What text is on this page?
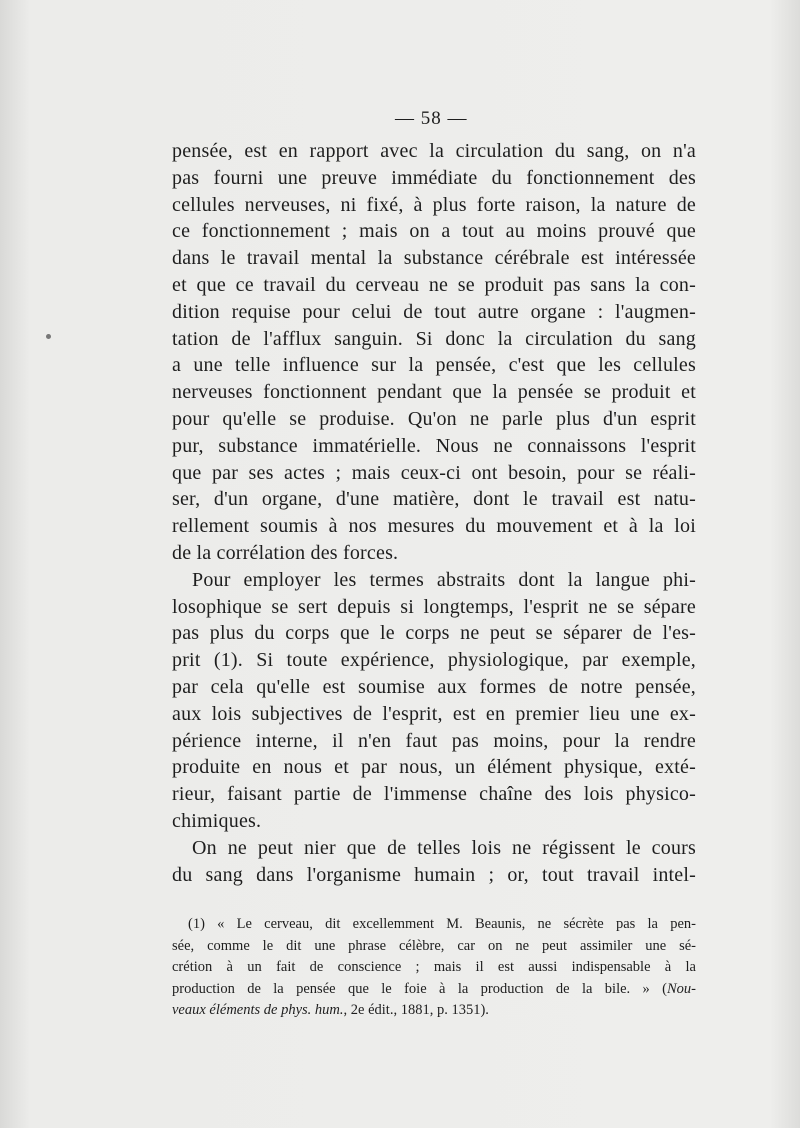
— 58 —
pensée, est en rapport avec la circulation du sang, on n'a
pas fourni une preuve immédiate du fonctionnement des
cellules nerveuses, ni fixé, à plus forte raison, la nature de
ce fonctionnement ; mais on a tout au moins prouvé que
dans le travail mental la substance cérébrale est intéressée
et que ce travail du cerveau ne se produit pas sans la con-
dition requise pour celui de tout autre organe : l'augmen-
tation de l'afflux sanguin. Si donc la circulation du sang
a une telle influence sur la pensée, c'est que les cellules
nerveuses fonctionnent pendant que la pensée se produit et
pour qu'elle se produise. Qu'on ne parle plus d'un esprit
pur, substance immatérielle. Nous ne connaissons l'esprit
que par ses actes ; mais ceux-ci ont besoin, pour se réali-
ser, d'un organe, d'une matière, dont le travail est natu-
rellement soumis à nos mesures du mouvement et à la loi
de la corrélation des forces.
Pour employer les termes abstraits dont la langue phi-
losophique se sert depuis si longtemps, l'esprit ne se sépare
pas plus du corps que le corps ne peut se séparer de l'es-
prit (1). Si toute expérience, physiologique, par exemple,
par cela qu'elle est soumise aux formes de notre pensée,
aux lois subjectives de l'esprit, est en premier lieu une ex-
périence interne, il n'en faut pas moins, pour la rendre
produite en nous et par nous, un élément physique, exté-
rieur, faisant partie de l'immense chaîne des lois physico-
chimiques.
On ne peut nier que de telles lois ne régissent le cours
du sang dans l'organisme humain ; or, tout travail intel-
(1) « Le cerveau, dit excellemment M. Beaunis, ne sécrète pas la pen-
sée, comme le dit une phrase célèbre, car on ne peut assimiler une sé-
crétion à un fait de conscience ; mais il est aussi indispensable à la
production de la pensée que le foie à la production de la bile. » (Nou-
veaux éléments de phys. hum., 2e édit., 1881, p. 1351).
